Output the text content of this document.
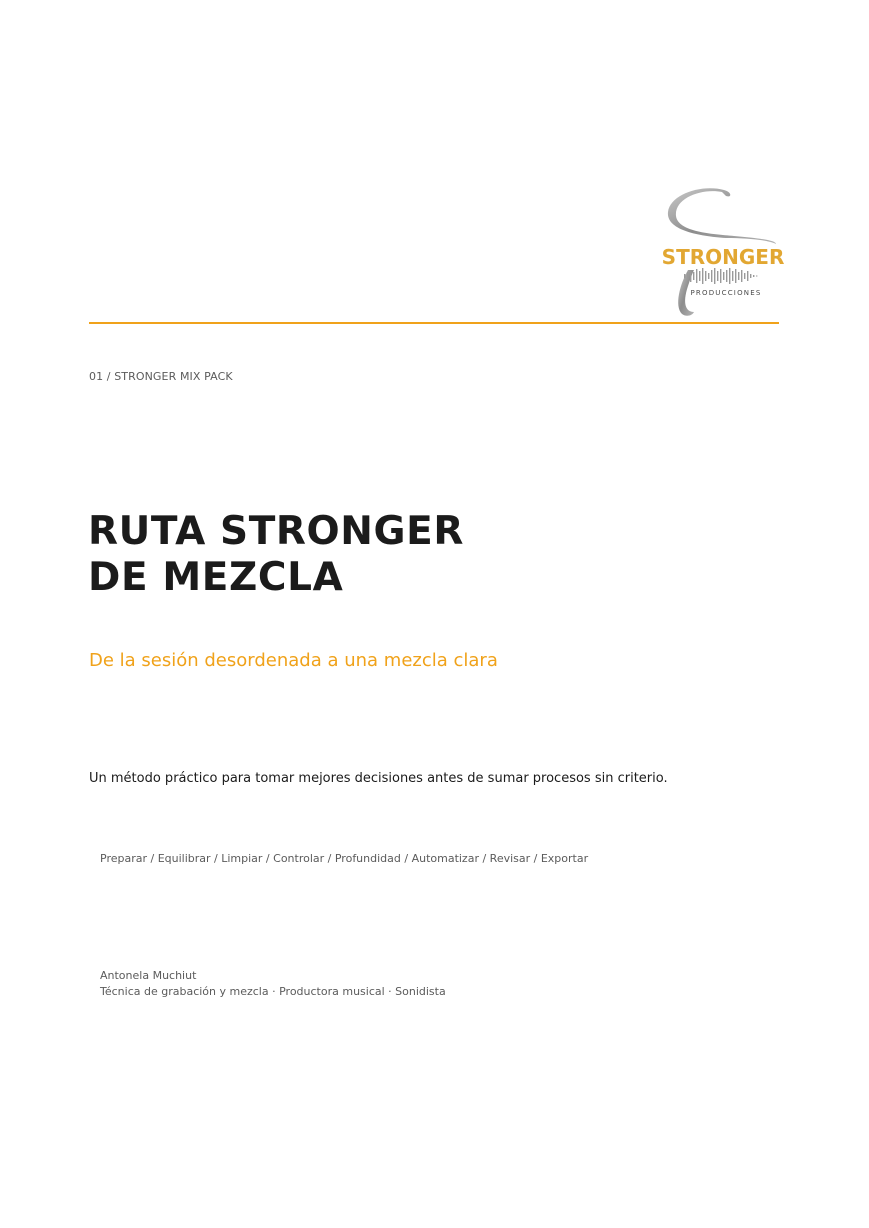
STRONGER
PRODUCCIONES
01 / STRONGER MIX PACK
RUTA STRONGER
DE MEZCLA
De la sesión desordenada a una mezcla clara
Un método práctico para tomar mejores decisiones antes de sumar procesos sin criterio.
Preparar / Equilibrar / Limpiar / Controlar / Profundidad / Automatizar / Revisar / Exportar
Antonela Muchiut
Técnica de grabación y mezcla · Productora musical · Sonidista
